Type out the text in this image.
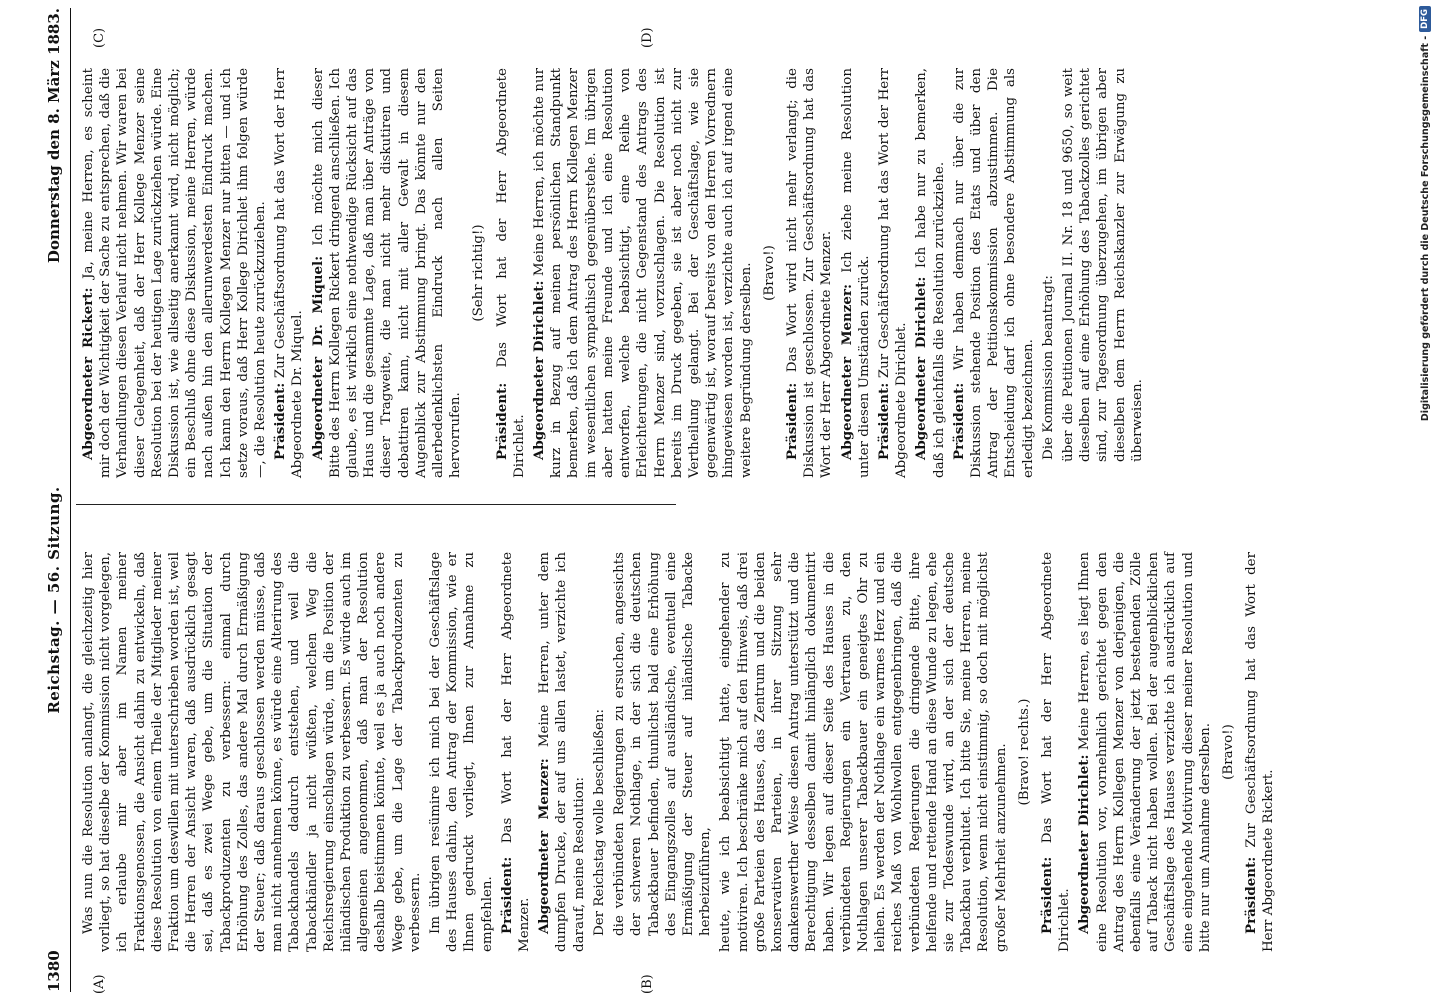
1380
Reichstag. — 56. Sitzung.
Donnerstag den 8. März 1883.
(A)	(B)
(C)	(D)

Was nun die Resolution anlangt, die gleichzeitig hier vorliegt, so hat dieselbe der Kommission nicht vorgelegen, ich erlaube mir aber im Namen meiner Fraktionsgenossen, die Ansicht dahin zu entwickeln, daß diese Resolution von einem Theile der Mitglieder meiner Fraktion um deswillen mit unterschrieben worden ist, weil die Herren der Ansicht waren, daß ausdrücklich gesagt sei, daß es zwei Wege gebe, um die Situation der Tabackproduzenten zu verbessern: einmal durch Erhöhung des Zolles, das andere Mal durch Ermäßigung der Steuer; daß daraus geschlossen werden müsse, daß man nicht annehmen könne, es würde eine Alterirung des Tabackhandels dadurch entstehen, und weil die Tabackhändler ja nicht wüßten, welchen Weg die Reichsregierung einschlagen würde, um die Position der inländischen Produktion zu verbessern. Es würde auch im allgemeinen angenommen, daß man der Resolution deshalb beistimmen könnte, weil es ja auch noch andere Wege gebe, um die Lage der Tabackproduzenten zu verbessern. Im übrigen resümire ich mich bei der Geschäftslage des Hauses dahin, den Antrag der Kommission, wie er Ihnen gedruckt vorliegt, Ihnen zur Annahme zu empfehlen. Präsident: Das Wort hat der Herr Abgeordnete Menzer. Abgeordneter Menzer: Meine Herren, unter dem dumpfen Drucke, der auf uns allen lastet, verzichte ich darauf, meine Resolution: Der Reichstag wolle beschließen: die verbündeten Regierungen zu ersuchen, angesichts der schweren Nothlage, in der sich die deutschen Tabackbauer befinden, thunlichst bald eine Erhöhung des Eingangszolles auf ausländische, eventuell eine Ermäßigung der Steuer auf inländische Tabacke herbeizuführen, heute, wie ich beabsichtigt hatte, eingehender zu motiviren. Ich beschränke mich auf den Hinweis, daß drei große Parteien des Hauses, das Zentrum und die beiden konservativen Parteien, in ihrer Sitzung sehr dankenswerther Weise diesen Antrag unterstützt und die Berechtigung desselben damit hinlänglich dokumentirt haben. Wir legen auf dieser Seite des Hauses in die verbündeten Regierungen ein Vertrauen zu, den Nothlagen unserer Tabackbauer ein geneigtes Ohr zu leihen. Es werden der Nothlage ein warmes Herz und ein reiches Maß von Wohlwollen entgegenbringen, daß die verbündeten Regierungen die dringende Bitte, ihre helfende und rettende Hand an diese Wunde zu legen, ehe sie zur Todeswunde wird, an der sich der deutsche Tabackbau verblutet. Ich bitte Sie, meine Herren, meine Resolution, wenn nicht einstimmig, so doch mit möglichst großer Mehrheit anzunehmen. (Bravo! rechts.)

Präsident: Das Wort hat der Herr Abgeordnete Dirichlet. Abgeordneter Dirichlet: Meine Herren, es liegt Ihnen eine Resolution vor, vornehmlich gerichtet gegen den Antrag des Herrn Kollegen Menzer von derjenigen, die ebenfalls eine Veränderung der jetzt bestehenden Zölle auf Taback nicht haben wollen. Bei der augenblicklichen Geschäftslage des Hauses verzichte ich ausdrücklich auf eine eingehende Motivirung dieser meiner Resolution und bitte nur um Annahme derselben. (Bravo!)

Präsident: Zur Geschäftsordnung hat das Wort der Herr Abgeordnete Rickert.

Abgeordneter Rickert: Ja, meine Herren, es scheint mir doch der Wichtigkeit der Sache zu entsprechen, daß die Verhandlungen diesen Verlauf nicht nehmen. Wir waren bei dieser Gelegenheit, daß der Herr Kollege Menzer seine Resolution bei der heutigen Lage zurückziehen würde. Eine Diskussion ist, wie allseitig anerkannt wird, nicht möglich; ein Beschluß ohne diese Diskussion, meine Herren, würde nach außen hin den allerunwerdesten Eindruck machen. Ich kann den Herrn Kollegen Menzer nur bitten — und ich setze voraus, daß Herr Kollege Dirichlet ihm folgen würde —, die Resolution heute zurückzuziehen. Präsident: Zur Geschäftsordnung hat das Wort der Herr Abgeordnete Dr. Miquel. Abgeordneter Dr. Miquel: Ich möchte mich dieser Bitte des Herrn Kollegen Rickert dringend anschließen. Ich glaube, es ist wirklich eine nothwendige Rücksicht auf das Haus und die gesammte Lage, daß man über Anträge von dieser Tragweite, die man nicht mehr diskutiren und debattiren kann, nicht mit aller Gewalt in diesem Augenblick zur Abstimmung bringt. Das könnte nur den allerbedenklichsten Eindruck nach allen Seiten hervorrufen.

(Sehr richtig!)

Präsident: Das Wort hat der Herr Abgeordnete Dirichlet. Abgeordneter Dirichlet: Meine Herren, ich möchte nur kurz in Bezug auf meinen persönlichen Standpunkt bemerken, daß ich dem Antrag des Herrn Kollegen Menzer im wesentlichen sympathisch gegenüberstehe. Im übrigen aber hatten meine Freunde und ich eine Resolution entworfen, welche beabsichtigt, eine Reihe von Erleichterungen, die nicht Gegenstand des Antrags des Herrn Menzer sind, vorzuschlagen. Die Resolution ist bereits im Druck gegeben, sie ist aber noch nicht zur Vertheilung gelangt. Bei der Geschäftslage, wie sie gegenwärtig ist, worauf bereits von den Herren Vorrednern hingewiesen worden ist, verzichte auch ich auf irgend eine weitere Begründung derselben. (Bravo!)

Präsident: Das Wort wird nicht mehr verlangt; die Diskussion ist geschlossen. Zur Geschäftsordnung hat das Wort der Herr Abgeordnete Menzer. Abgeordneter Menzer: Ich ziehe meine Resolution unter diesen Umständen zurück. Präsident: Zur Geschäftsordnung hat das Wort der Herr Abgeordnete Dirichlet. Abgeordneter Dirichlet: Ich habe nur zu bemerken, daß ich gleichfalls die Resolution zurückziehe. Präsident: Wir haben demnach nur über die zur Diskussion stehende Position des Etats und über den Antrag der Petitionskommission abzustimmen. Die Entscheidung darf ich ohne besondere Abstimmung als erledigt bezeichnen. Die Kommission beantragt: über die Petitionen Journal II. Nr. 18 und 9650, so weit dieselben auf eine Erhöhung des Tabackzolles gerichtet sind, zur Tagesordnung überzugehen, im übrigen aber dieselben dem Herrn Reichskanzler zur Erwägung zu überweisen.	Digitalisierung gefördert durch die Deutsche Forschungsgemeinschaft -
DFG
